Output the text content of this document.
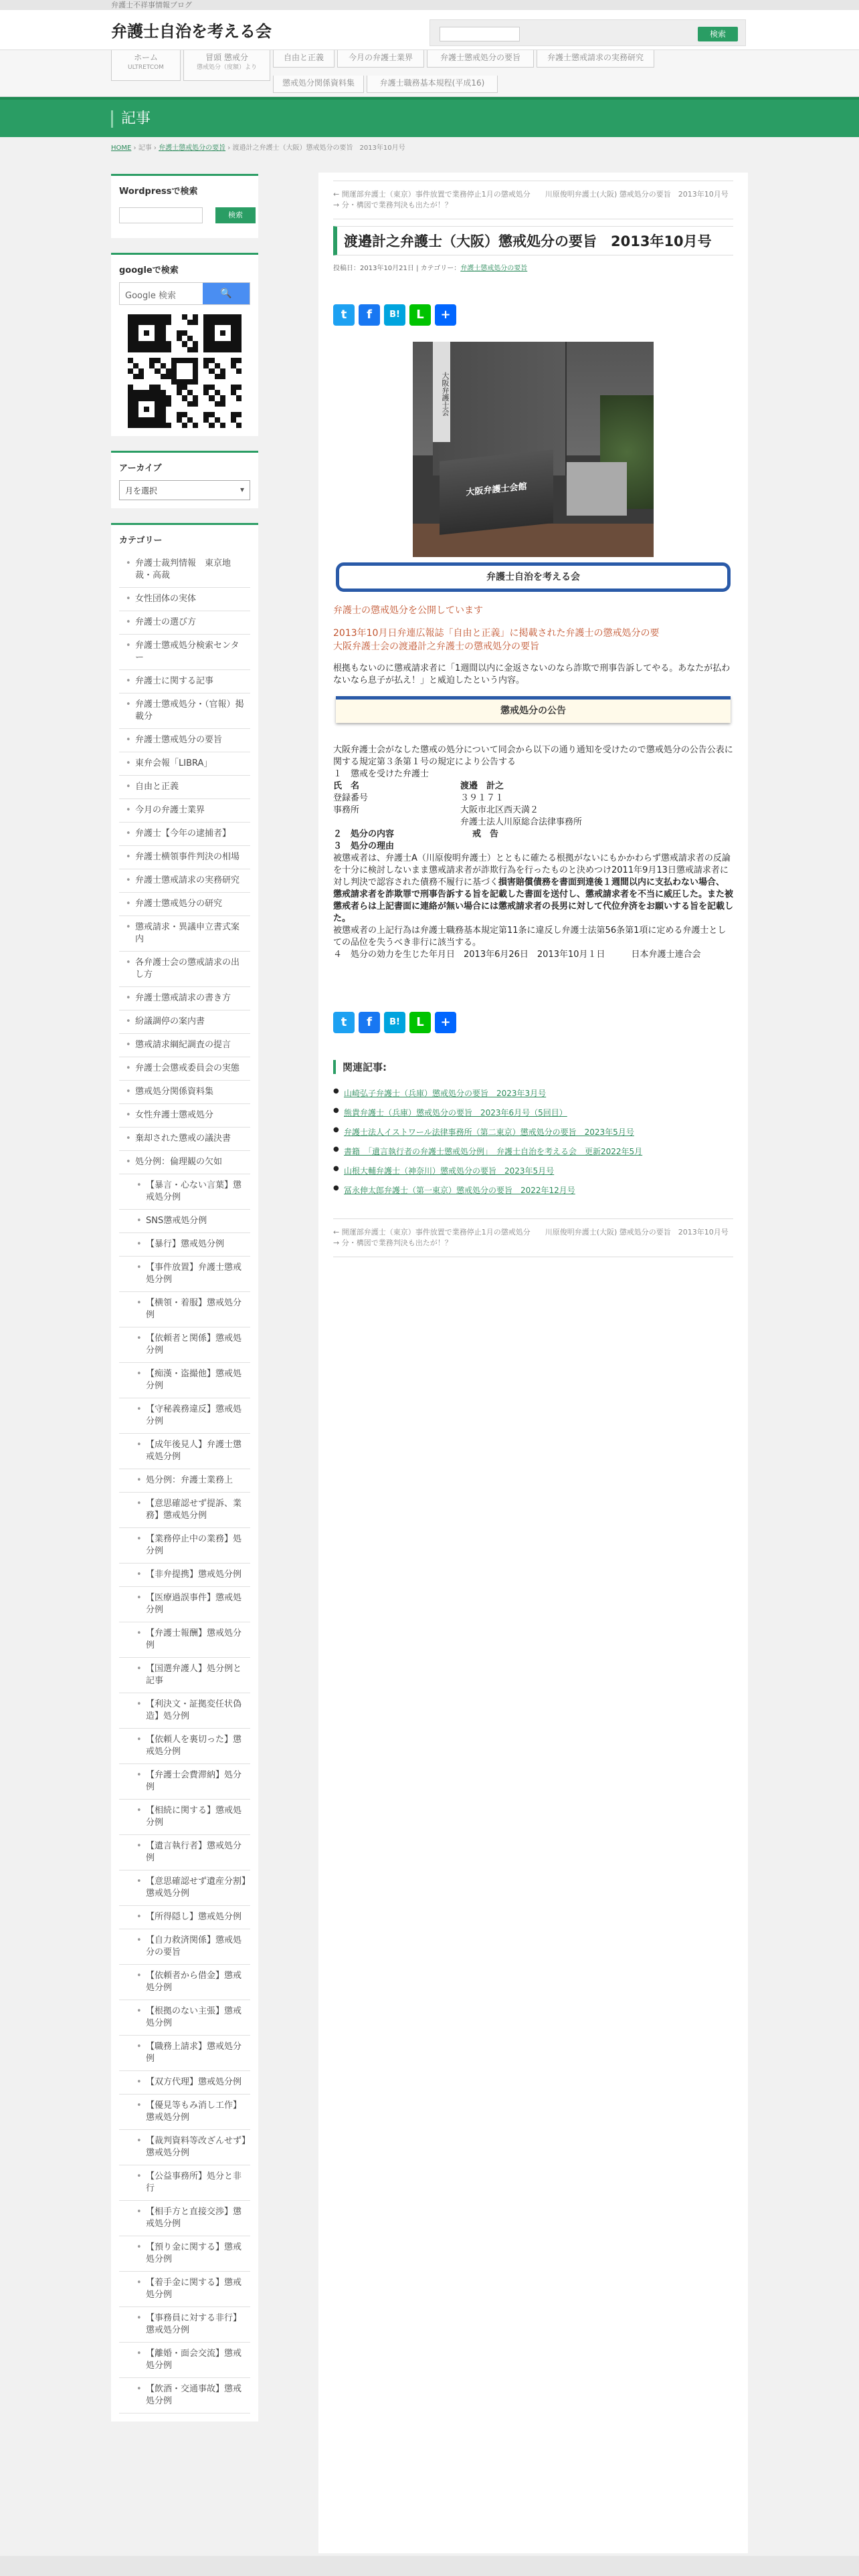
弁護士不祥事情報ブログ
弁護士自治を考える会	検索
ホーム
ULTRETCOM
冒頭 懲戒分
懲戒処分（度額）より
自由と正義	今月の弁護士業界	弁護士懲戒処分の要旨	弁護士懲戒請求の実務研究
懲戒処分関係資料集	弁護士職務基本規程(平成16)
記事
HOME › 記事 › 弁護士懲戒処分の要旨 › 渡邉計之弁護士（大阪）懲戒処分の要旨　2013年10月号
Wordpressで検索
検索
googleで検索
Google 検索	🔍
アーカイブ
月を選択 ▾
カテゴリー
• 弁護士裁判情報　東京地裁・高裁
• 女性団体の実体
• 弁護士の選び方
• 弁護士懲戒処分検索センター
• 弁護士に関する記事
• 弁護士懲戒処分・（官報）掲載分
• 弁護士懲戒処分の要旨
• 東弁会報「LIBRA」
• 自由と正義
• 今月の弁護士業界
• 弁護士【今年の逮捕者】
• 弁護士横領事件判決の相場
• 弁護士懲戒請求の実務研究
• 弁護士懲戒処分の研究
• 懲戒請求・異議申立書式案内
• 各弁護士会の懲戒請求の出し方
• 弁護士懲戒請求の書き方
• 紛議調停の案内書
• 懲戒請求綱紀調査の提言
• 弁護士会懲戒委員会の実態
• 懲戒処分関係資料集
• 女性弁護士懲戒処分
• 棄却された懲戒の議決書
• 処分例：倫理観の欠如
• 【暴言・心ない言葉】懲戒処分例
• SNS懲戒処分例
• 【暴行】懲戒処分例
• 【事件放置】弁護士懲戒処分例
• 【横領・着服】懲戒処分例
• 【依頼者と関係】懲戒処分例
• 【痴漢・盗撮他】懲戒処分例
• 【守秘義務違反】懲戒処分例
• 【成年後見人】弁護士懲戒処分例
• 処分例：弁護士業務上
• 【意思確認せず提訴、業務】懲戒処分例
• 【業務停止中の業務】処分例
• 【非弁提携】懲戒処分例
• 【医療過誤事件】懲戒処分例
• 【弁護士報酬】懲戒処分例
• 【国選弁護人】処分例と記事
• 【利決文・証拠変任状偽造】処分例
• 【依頼人を裏切った】懲戒処分例
• 【弁護士会費滞納】処分例
• 【相続に関する】懲戒処分例
• 【遺言執行者】懲戒処分例
• 【意思確認せず遺産分割】懲戒処分例
• 【所得隠し】懲戒処分例
• 【自力救済関係】懲戒処分の要旨
• 【依頼者から借金】懲戒処分例
• 【根拠のない主張】懲戒処分例
• 【職務上請求】懲戒処分例
• 【双方代理】懲戒処分例
• 【優見等もみ消し工作】懲戒処分例
• 【裁判資料等改ざんせず】懲戒処分例
• 【公益事務所】処分と非行
• 【相手方と直接交渉】懲戒処分例
• 【預り金に関する】懲戒処分例
• 【着手金に関する】懲戒処分例
• 【事務員に対する非行】懲戒処分例
• 【離婚・面会交流】懲戒処分例
• 【飲酒・交通事故】懲戒処分例
← 開運部弁護士（東京）事件放置で業務停止1月の懲戒処分　　川原俊明弁護士(大阪) 懲戒処分の要旨　2013年10月号 → 分・構図で業務判決も出たが！？
渡邉計之弁護士（大阪）懲戒処分の要旨　2013年10月号
投稿日：2013年10月21日 | カテゴリー：弁護士懲戒処分の要旨
t	f	B!	L	+
大阪弁護士会
大阪弁護士会館
弁護士自治を考える会

弁護士の懲戒処分を公開しています

2013年10月日弁連広報誌「自由と正義」に掲載された弁護士の懲戒処分の要

大阪弁護士会の渡邉計之弁護士の懲戒処分の要旨

根拠もないのに懲戒請求者に「1週間以内に金返さないのなら詐欺で刑事告訴してやる。あなたが払わないなら息子が払え！」と威迫したという内容。

懲戒処分の公告

大阪弁護士会がなした懲戒の処分について同会から以下の通り通知を受けたので懲戒処分の公告公表に関する規定第３条第１号の規定により公告する

１　懲戒を受けた弁護士

氏　名	渡邉　計之
登録番号	３９１７１
事務所	大阪市北区西天満２
弁護士法人川原総合法律事務所

２　処分の内容　　　　　　　　　戒　告

３　処分の理由

被懲戒者は、弁護士A（川原俊明弁護士）とともに確たる根拠がないにもかかわらず懲戒請求者の反論を十分に検討しないまま懲戒請求者が詐欺行為を行ったものと決めつけ2011年9月13日懲戒請求者に対し判決で認容された債務不履行に基づく損害賠償債務を書面到達後１週間以内に支払わない場合、懲戒請求者を詐欺罪で刑事告訴する旨を記載した書面を送付し、懲戒請求者を不当に威圧した。また被懲戒者らは上記書面に連絡が無い場合には懲戒請求者の長男に対して代位弁済をお願いする旨を記載した。

被懲戒者の上記行為は弁護士職務基本規定第11条に違反し弁護士法第56条第1項に定める弁護士としての品位を失うべき非行に該当する。

４　処分の効力を生じた年月日　2013年6月26日　2013年10月１日　　　日本弁護士連合会

t	f	B!	L	+
関連記事:
● 山崎弘子弁護士（兵庫）懲戒処分の要旨　2023年3月号
● 熊貴弁護士（兵庫）懲戒処分の要旨　2023年6月号（5回目）
● 弁護士法人イストワール法律事務所（第二東京）懲戒処分の要旨　2023年5月号
● 書籍　「遺言執行者の弁護士懲戒処分例」　弁護士自治を考える会　更新2022年5月
● 山根大輔弁護士（神奈川）懲戒処分の要旨　2023年5月号
● 冨永伸太郎弁護士（第一東京）懲戒処分の要旨　2022年12月号
← 開運部弁護士（東京）事件放置で業務停止1月の懲戒処分　　川原俊明弁護士(大阪) 懲戒処分の要旨　2013年10月号 → 分・構図で業務判決も出たが！？
